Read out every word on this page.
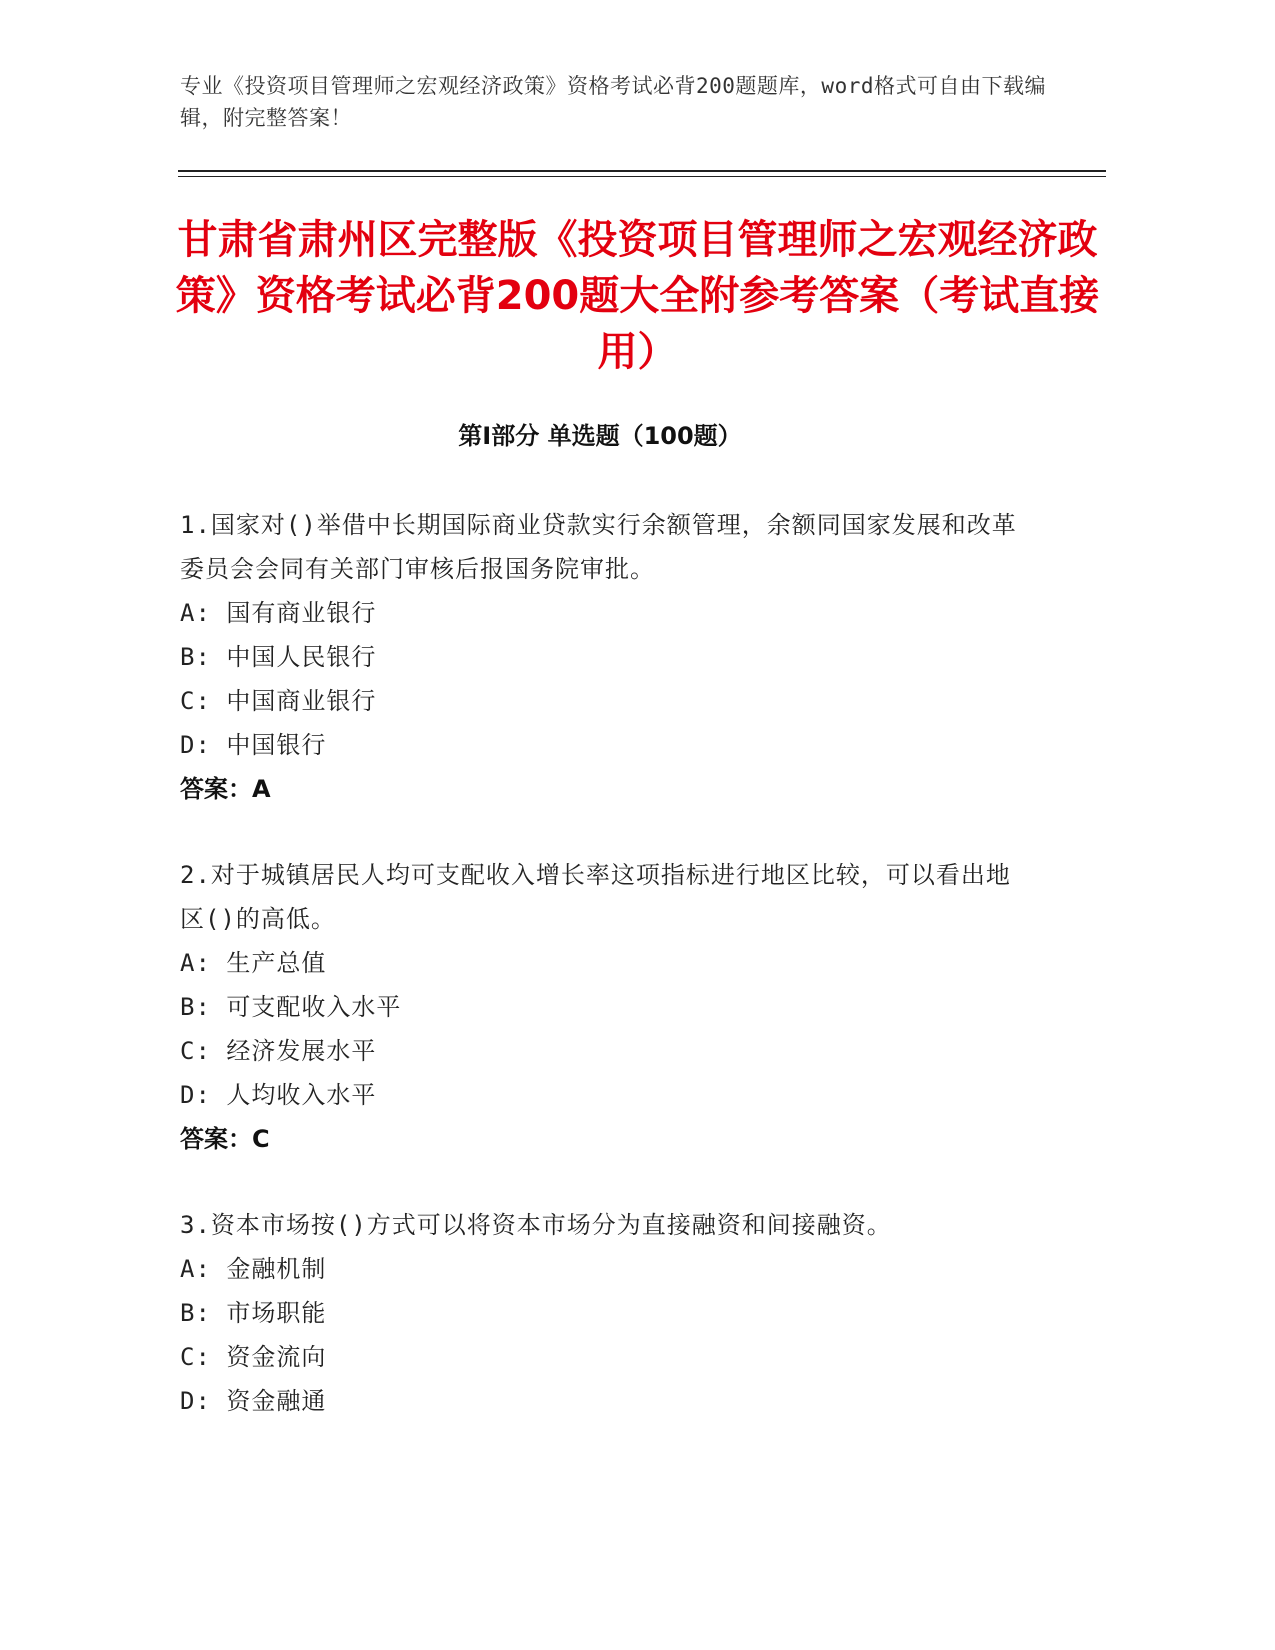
专业《投资项目管理师之宏观经济政策》资格考试必背200题题库，word格式可自由下载编辑，附完整答案！
甘肃省肃州区完整版《投资项目管理师之宏观经济政策》资格考试必背200题大全附参考答案（考试直接用）
第Ⅰ部分 单选题（100题）
1.国家对()举借中长期国际商业贷款实行余额管理，余额同国家发展和改革委员会会同有关部门审核后报国务院审批。
A: 国有商业银行
B: 中国人民银行
C: 中国商业银行
D: 中国银行
答案：A
2.对于城镇居民人均可支配收入增长率这项指标进行地区比较，可以看出地区()的高低。
A: 生产总值
B: 可支配收入水平
C: 经济发展水平
D: 人均收入水平
答案：C
3.资本市场按()方式可以将资本市场分为直接融资和间接融资。
A: 金融机制
B: 市场职能
C: 资金流向
D: 资金融通
